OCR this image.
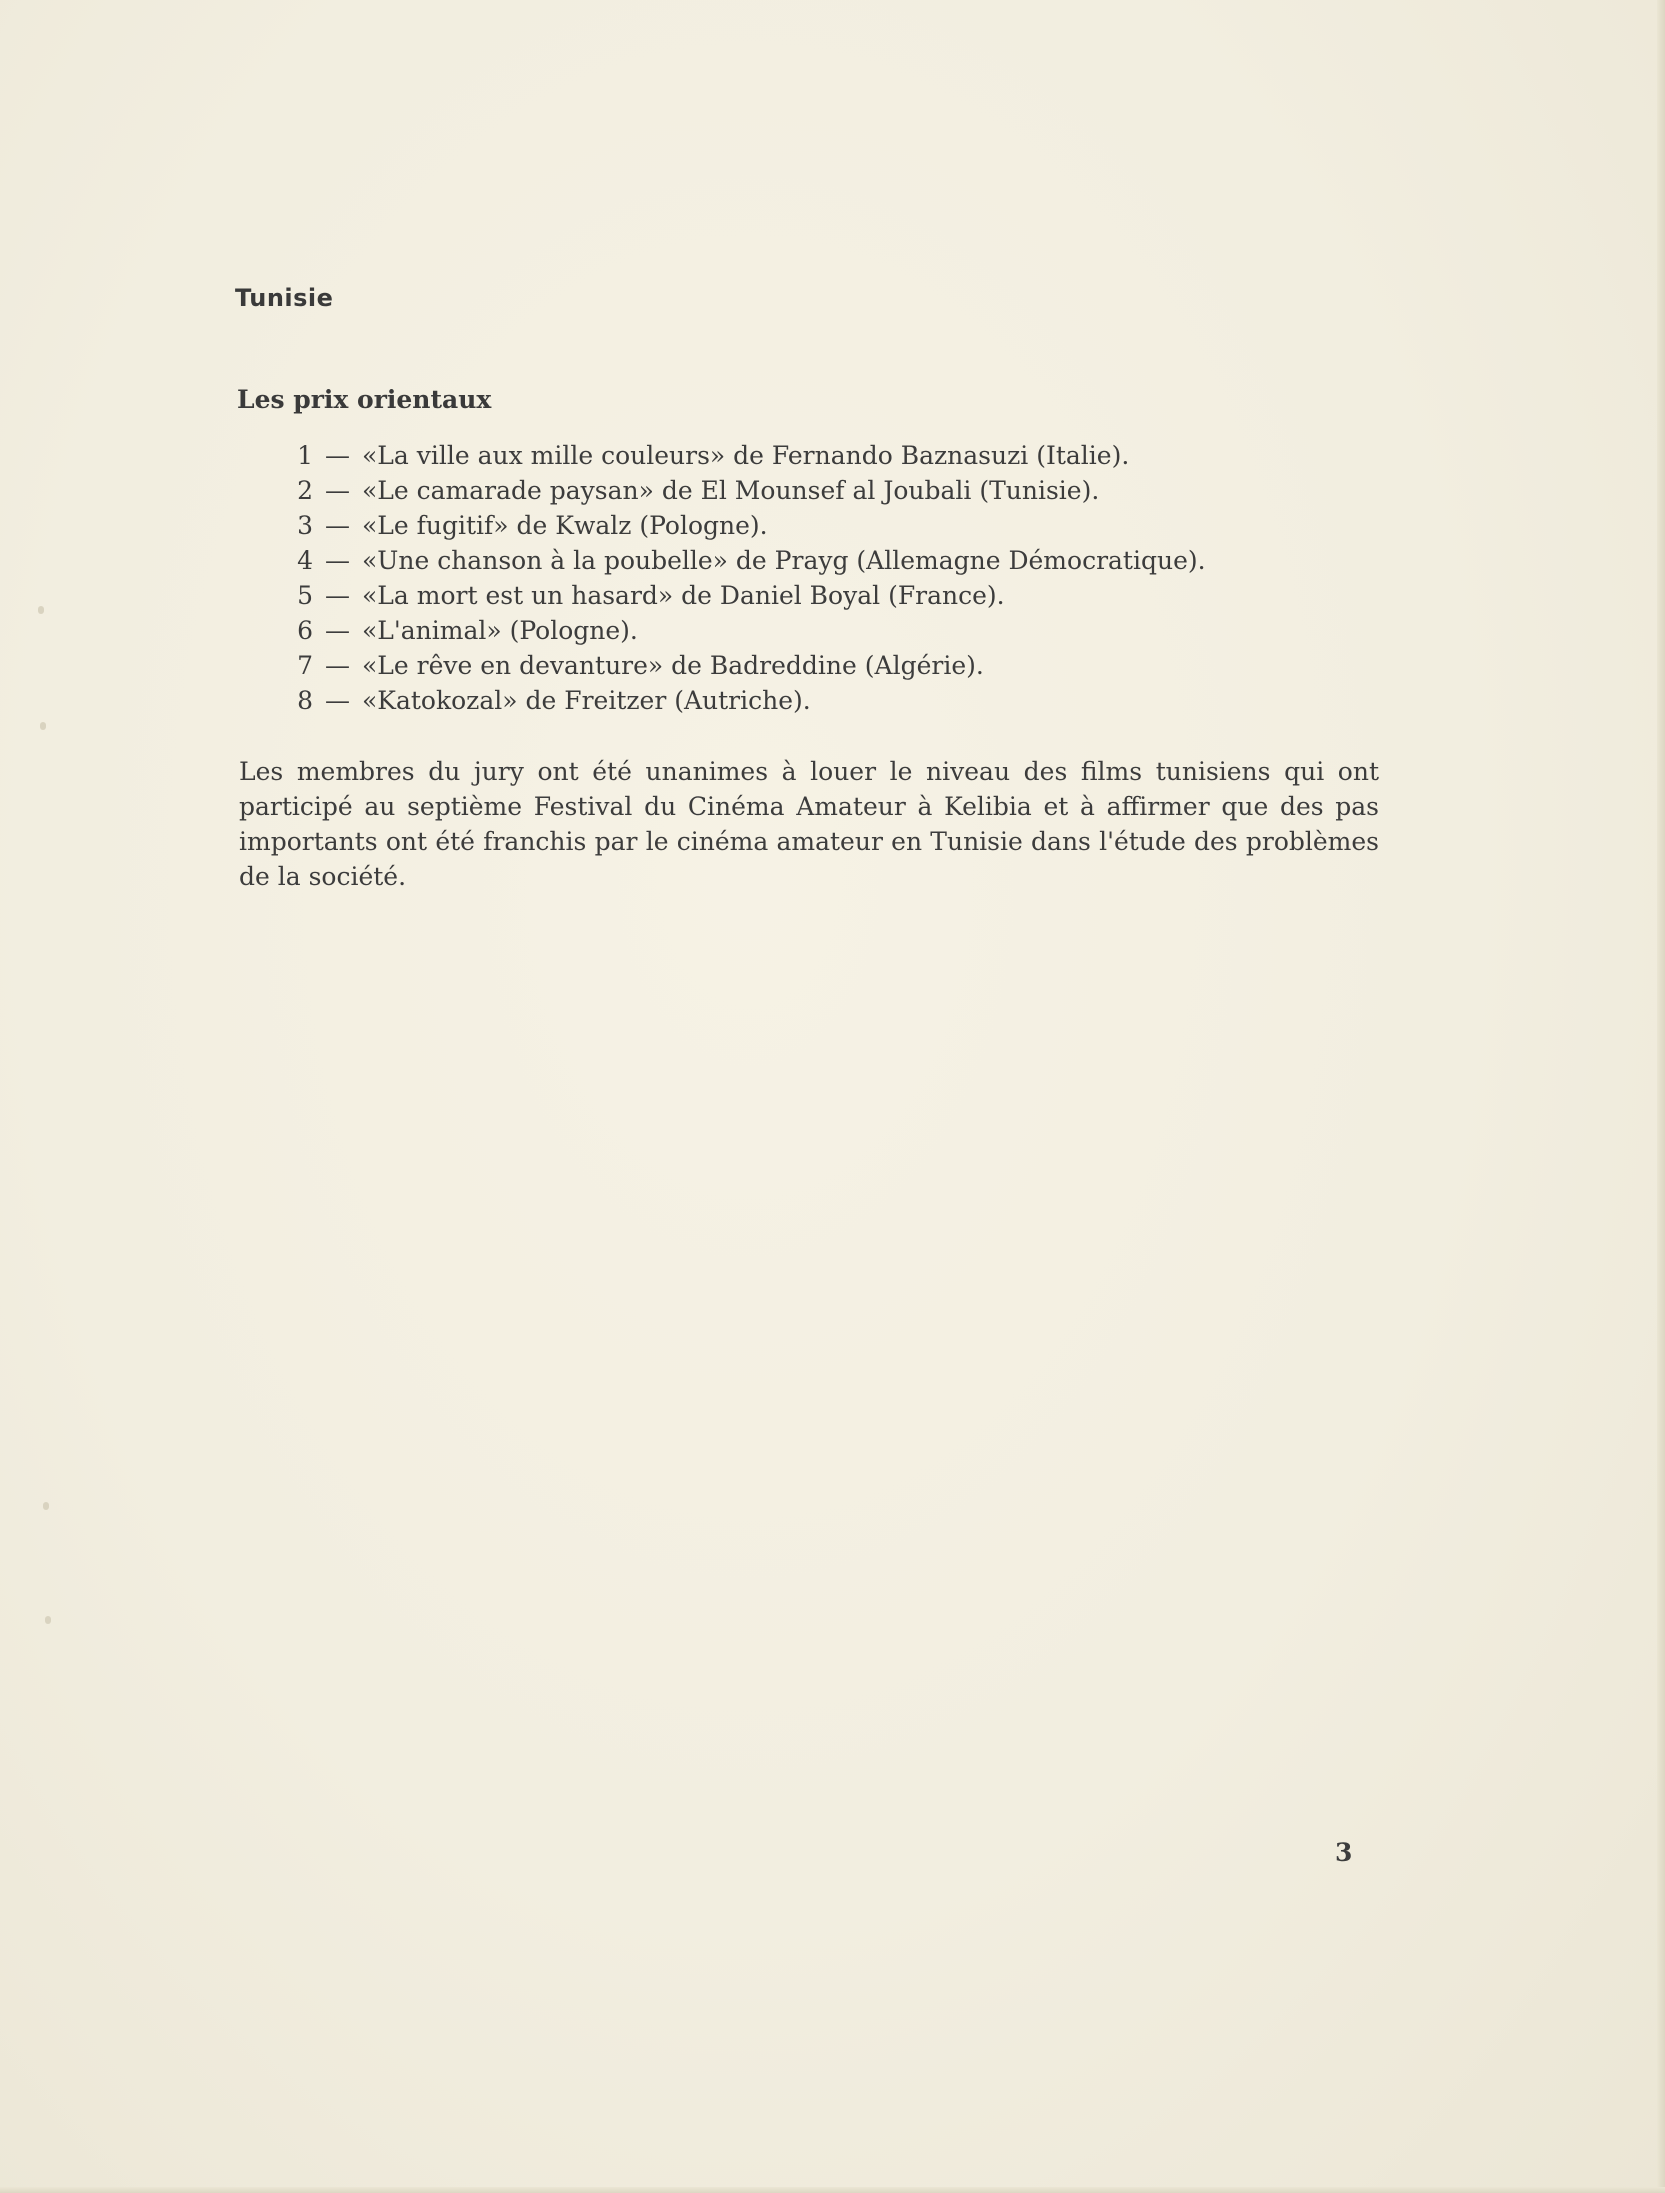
Tunisie
Les prix orientaux
1 — «La ville aux mille couleurs» de Fernando Baznasuzi (Italie).
2 — «Le camarade paysan» de El Mounsef al Joubali (Tunisie).
3 — «Le fugitif» de Kwalz (Pologne).
4 — «Une chanson à la poubelle» de Prayg (Allemagne Démocratique).
5 — «La mort est un hasard» de Daniel Boyal (France).
6 — «L'animal» (Pologne).
7 — «Le rêve en devanture» de Badreddine (Algérie).
8 — «Katokozal» de Freitzer (Autriche).

Les membres du jury ont été unanimes à louer le niveau des films tunisiens qui ont participé au septième Festival du Cinéma Amateur à Kelibia et à affirmer que des pas importants ont été franchis par le cinéma amateur en Tunisie dans l'étude des problèmes de la société.

3
